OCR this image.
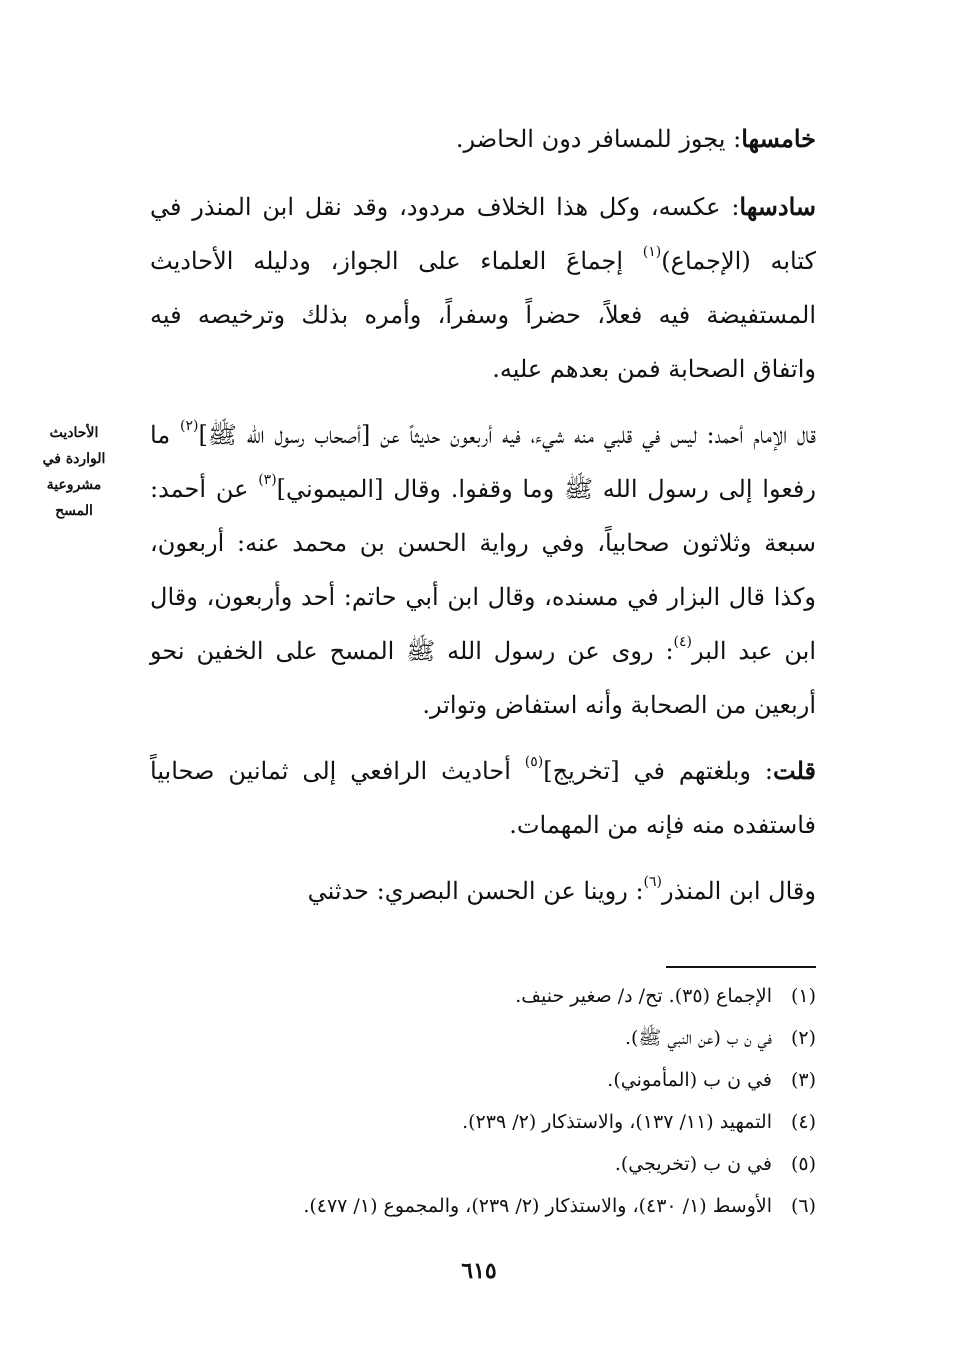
خامسها: يجوز للمسافر دون الحاضر.

سادسها: عكسه، وكل هذا الخلاف مردود، وقد نقل ابن المنذر في كتابه (الإجماع)$^{(١)}$ إجماعَ العلماء على الجواز، ودليله الأحاديث المستفيضة فيه فعلاً، حضراً وسفراً، وأمره بذلك وترخيصه فيه واتفاق الصحابة فمن بعدهم عليه.

قال الإمام أحمد: ليس في قلبي منه شيء، فيه أربعون حديثاً عن [أصحاب رسول الله ﷺ]$^{(٢)}$ ما رفعوا إلى رسول الله ﷺ وما وقفوا. وقال [الميموني]$^{(٣)}$ عن أحمد: سبعة وثلاثون صحابياً، وفي رواية الحسن بن محمد عنه: أربعون، وكذا قال البزار في مسنده، وقال ابن أبي حاتم: أحد وأربعون، وقال ابن عبد البر$^{(٤)}$: روى عن رسول الله ﷺ المسح على الخفين نحو أربعين من الصحابة وأنه استفاض وتواتر.

قلت: وبلغتهم في [تخريج]$^{(٥)}$ أحاديث الرافعي إلى ثمانين صحابياً فاستفده منه فإنه من المهمات.

وقال ابن المنذر$^{(٦)}$: روينا عن الحسن البصري: حدثني

الأحاديث
الواردة في
مشروعية
المسح
(١)
الإجماع (٣٥). تح/ د/ صغير حنيف.
(٢)
في ن ب (عن النبي ﷺ).
(٣)
في ن ب (المأموني).
(٤)
التمهيد (١١/ ١٣٧)، والاستذكار (٢/ ٢٣٩).
(٥)
في ن ب (تخريجي).
(٦)
الأوسط (١/ ٤٣٠)، والاستذكار (٢/ ٢٣٩)، والمجموع (١/ ٤٧٧).
٦١٥
